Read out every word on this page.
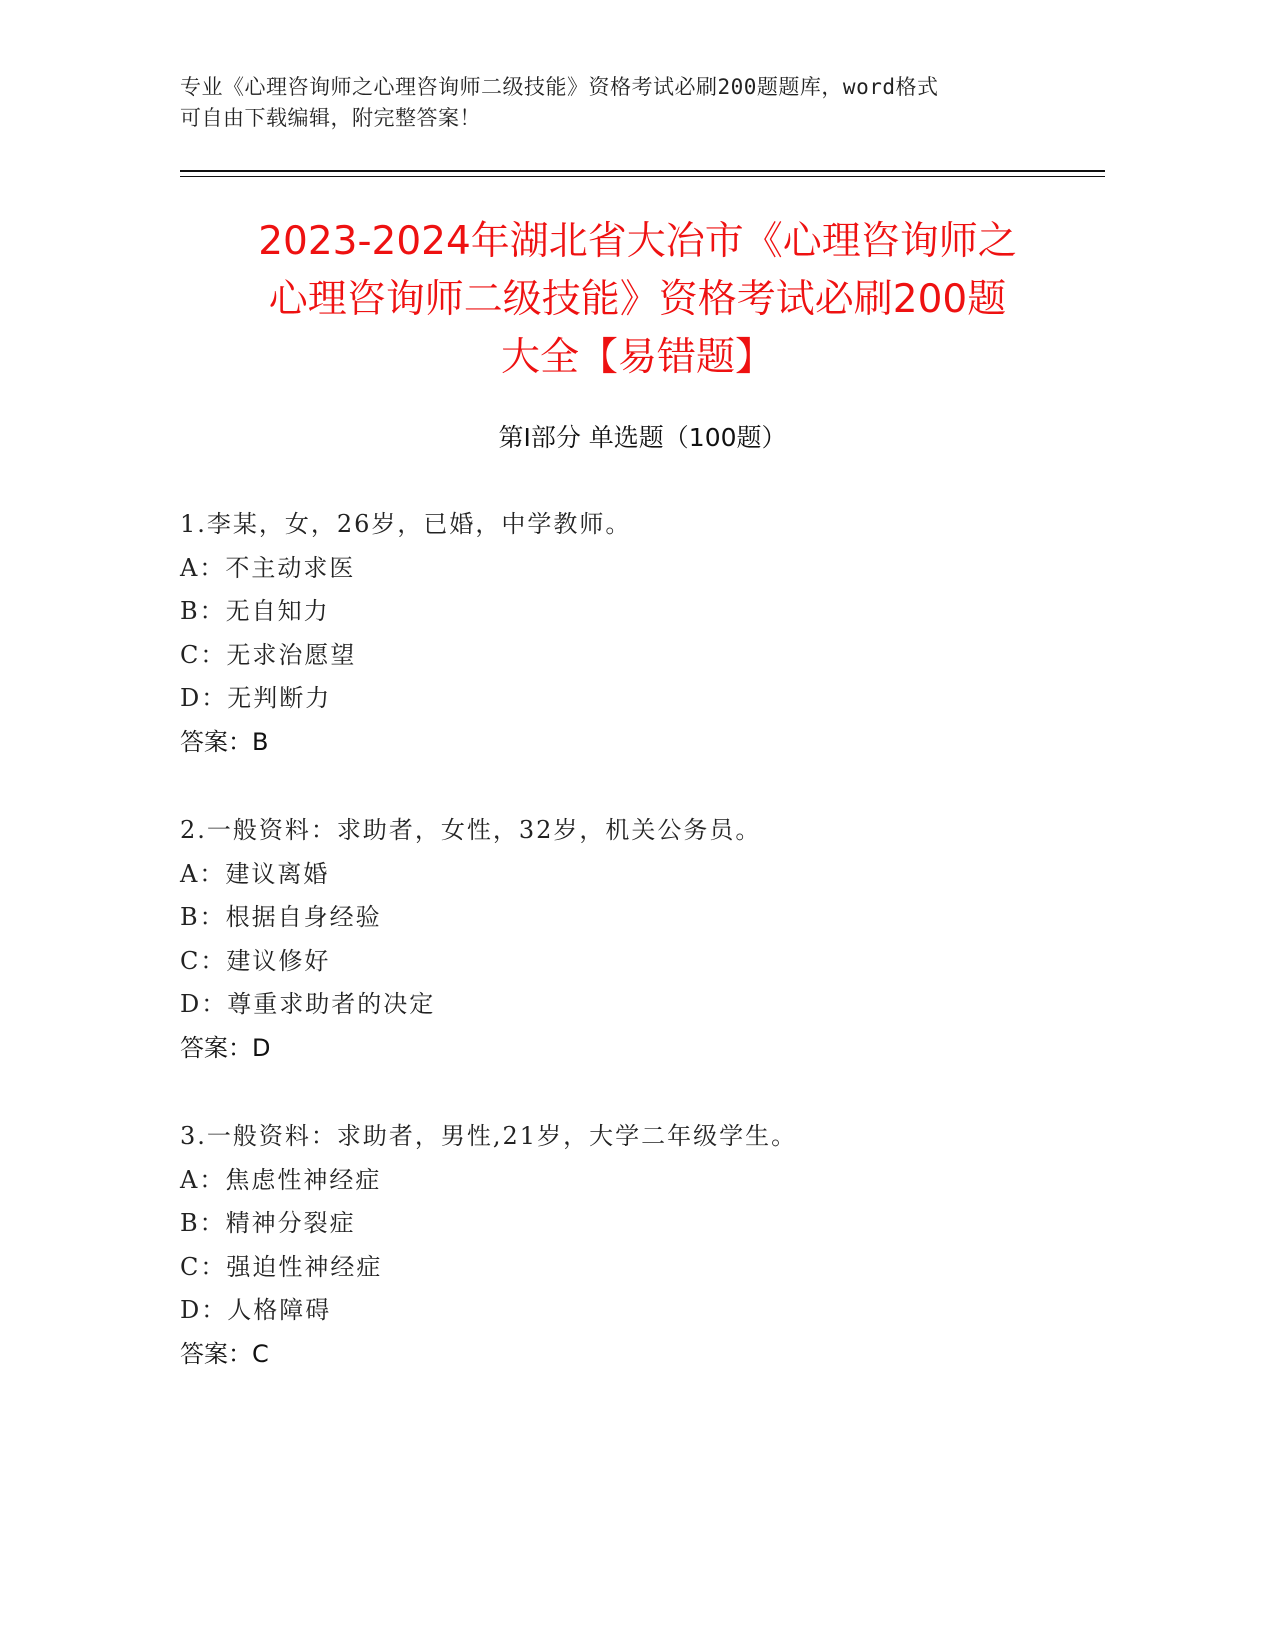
专业《心理咨询师之心理咨询师二级技能》资格考试必刷200题题库，word格式
可自由下载编辑，附完整答案！
2023-2024年湖北省大冶市《心理咨询师之
心理咨询师二级技能》资格考试必刷200题
大全【易错题】
第Ⅰ部分 单选题（100题）
1.李某，女，26岁，已婚，中学教师。
A：不主动求医
B：无自知力
C：无求治愿望
D：无判断力
答案：B
2.一般资料：求助者，女性，32岁，机关公务员。
A：建议离婚
B：根据自身经验
C：建议修好
D：尊重求助者的决定
答案：D
3.一般资料：求助者，男性,21岁，大学二年级学生。
A：焦虑性神经症
B：精神分裂症
C：强迫性神经症
D：人格障碍
答案：C
